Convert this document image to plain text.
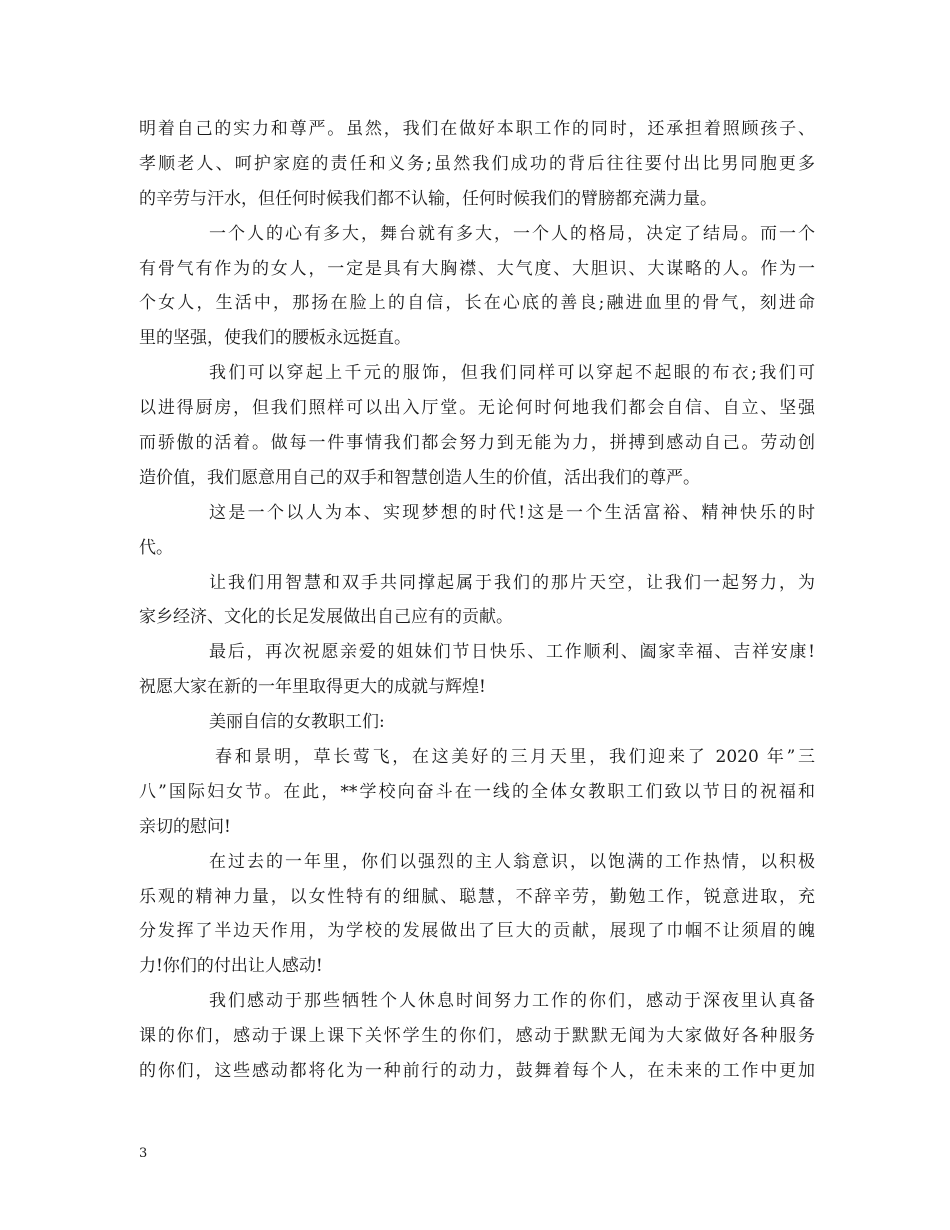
明着自己的实力和尊严。虽然，我们在做好本职工作的同时，还承担着照顾孩子、
孝顺老人、呵护家庭的责任和义务;虽然我们成功的背后往往要付出比男同胞更多
的辛劳与汗水，但任何时候我们都不认输，任何时候我们的臂膀都充满力量。
一个人的心有多大，舞台就有多大，一个人的格局，决定了结局。而一个
有骨气有作为的女人，一定是具有大胸襟、大气度、大胆识、大谋略的人。作为一
个女人，生活中，那扬在脸上的自信，长在心底的善良;融进血里的骨气，刻进命
里的坚强，使我们的腰板永远挺直。
我们可以穿起上千元的服饰，但我们同样可以穿起不起眼的布衣;我们可
以进得厨房，但我们照样可以出入厅堂。无论何时何地我们都会自信、自立、坚强
而骄傲的活着。做每一件事情我们都会努力到无能为力，拼搏到感动自己。劳动创
造价值，我们愿意用自己的双手和智慧创造人生的价值，活出我们的尊严。
这是一个以人为本、实现梦想的时代!这是一个生活富裕、精神快乐的时
代。
让我们用智慧和双手共同撑起属于我们的那片天空，让我们一起努力，为
家乡经济、文化的长足发展做出自己应有的贡献。
最后，再次祝愿亲爱的姐妹们节日快乐、工作顺利、阖家幸福、吉祥安康!
祝愿大家在新的一年里取得更大的成就与辉煌!
美丽自信的女教职工们:
春和景明，草长莺飞，在这美好的三月天里，我们迎来了 2020 年”三
八”国际妇女节。在此，**学校向奋斗在一线的全体女教职工们致以节日的祝福和
亲切的慰问!
在过去的一年里，你们以强烈的主人翁意识，以饱满的工作热情，以积极
乐观的精神力量，以女性特有的细腻、聪慧，不辞辛劳，勤勉工作，锐意进取，充
分发挥了半边天作用，为学校的发展做出了巨大的贡献，展现了巾帼不让须眉的魄
力!你们的付出让人感动!
我们感动于那些牺牲个人休息时间努力工作的你们，感动于深夜里认真备
课的你们，感动于课上课下关怀学生的你们，感动于默默无闻为大家做好各种服务
的你们，这些感动都将化为一种前行的动力，鼓舞着每个人，在未来的工作中更加
3
